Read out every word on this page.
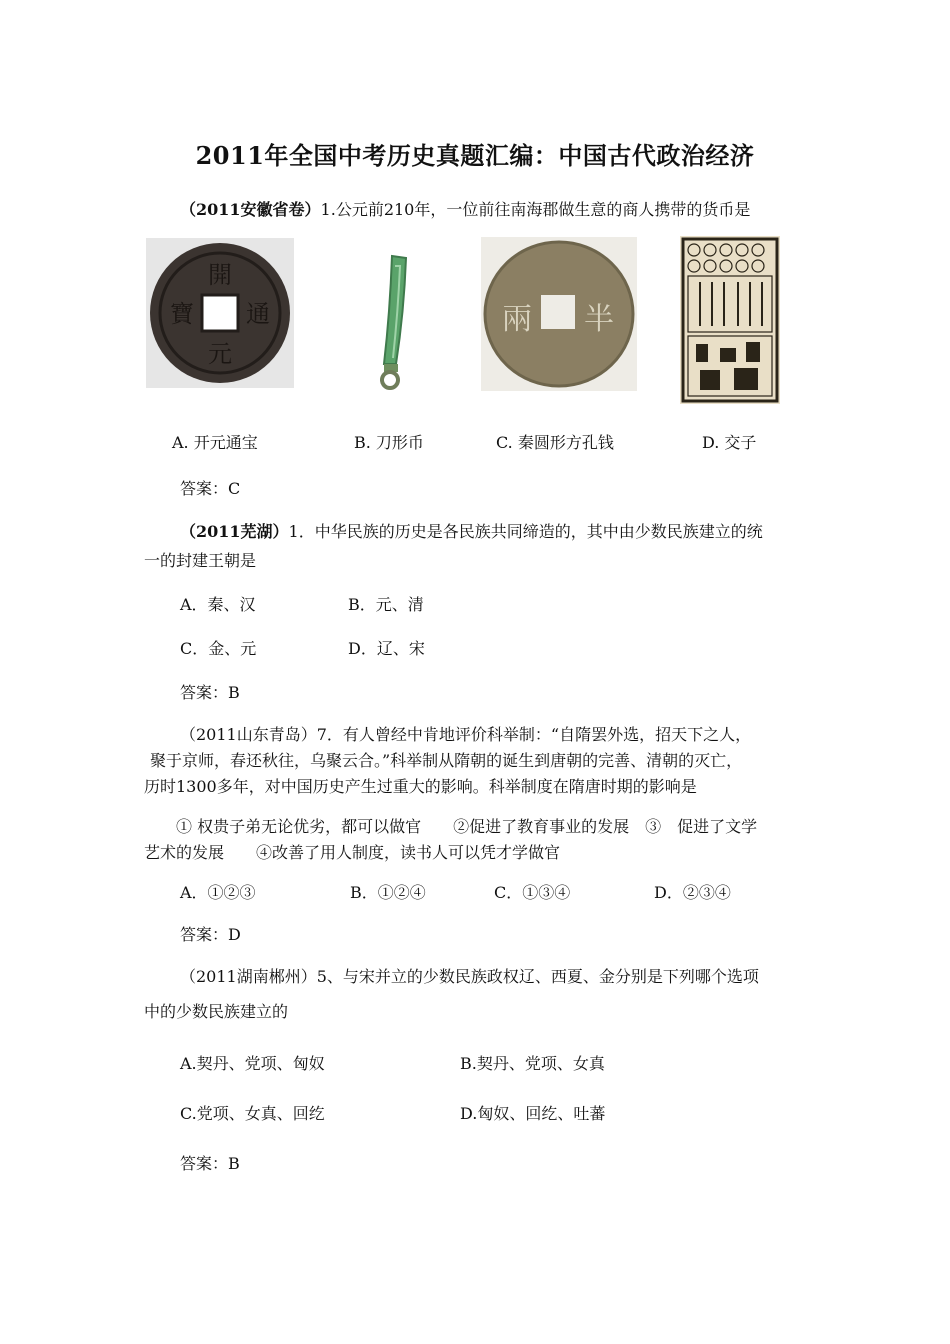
2011年全国中考历史真题汇编：中国古代政治经济
（2011安徽省卷）1.公元前210年，一位前往南海郡做生意的商人携带的货币是
開
通
元
寶	半
兩
A. 开元通宝	B. 刀形币	C. 秦圆形方孔钱	D. 交子
答案：C
（2011芜湖）1．中华民族的历史是各民族共同缔造的，其中由少数民族建立的统
一的封建王朝是
A．秦、汉	B．元、清
C．金、元	D．辽、宋
答案：B
（2011山东青岛）7．有人曾经中肯地评价科举制：“自隋罢外选，招天下之人，
聚于京师，春还秋往，乌聚云合。”科举制从隋朝的诞生到唐朝的完善、清朝的灭亡，
历时1300多年，对中国历史产生过重大的影响。科举制度在隋唐时期的影响是
① 权贵子弟无论优劣，都可以做官　　②促进了教育事业的发展　③　促进了文学
艺术的发展　　④改善了用人制度，读书人可以凭才学做官
A．①②③	B．①②④	C．①③④	D．②③④
答案：D
（2011湖南郴州）5、与宋并立的少数民族政权辽、西夏、金分别是下列哪个选项
中的少数民族建立的
A.契丹、党项、匈奴	B.契丹、党项、女真
C.党项、女真、回纥	D.匈奴、回纥、吐蕃
答案：B
